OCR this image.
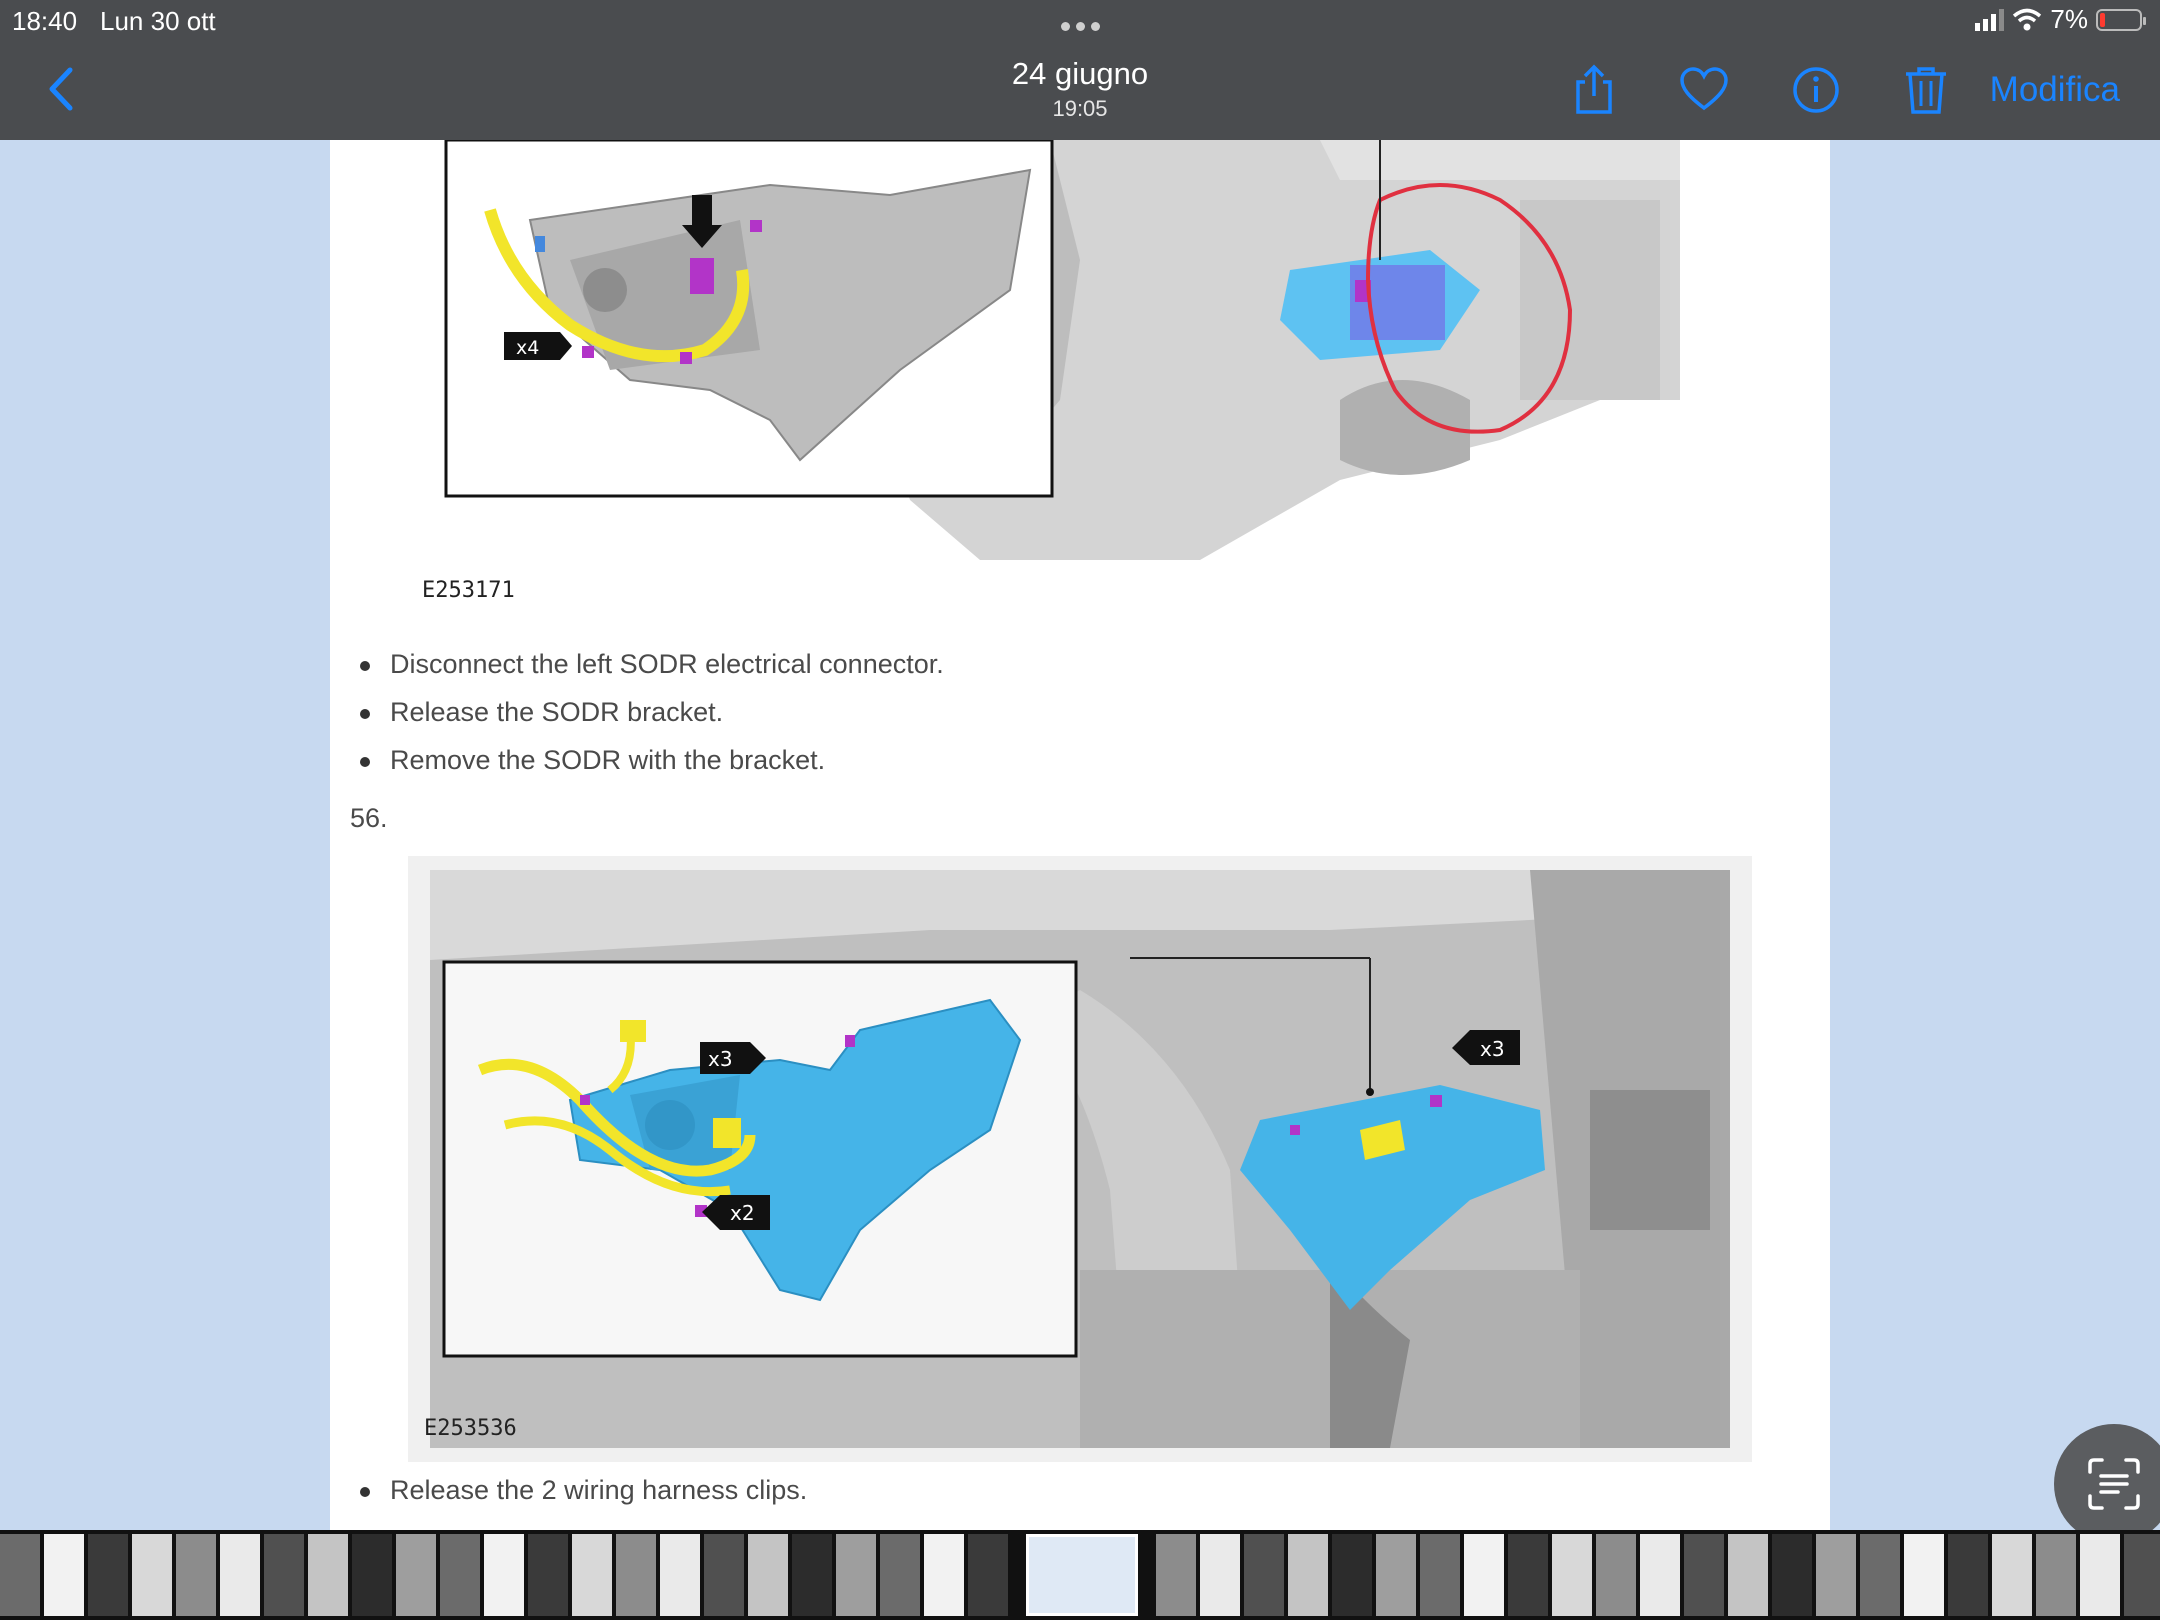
18:40 Lun 30 ott	7%
24 giugno
19:05	Modifica
x4
E253171
Disconnect the left SODR electrical connector.
Release the SODR bracket.
Remove the SODR with the bracket.
56.
x3
x3
x2
E253536
Release the 2 wiring harness clips.
